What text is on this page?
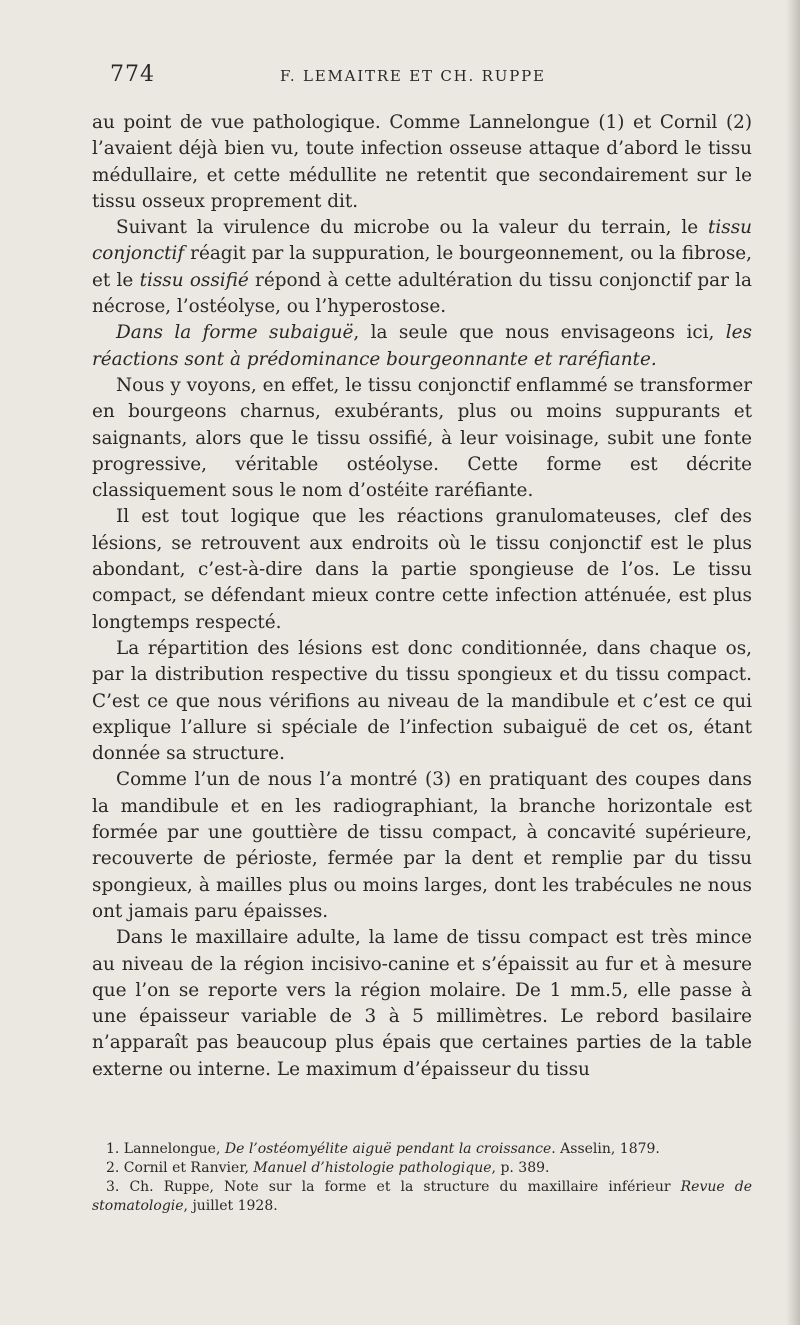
774	F. LEMAITRE ET CH. RUPPE

au point de vue pathologique. Comme Lannelongue (1) et Cornil (2) l’avaient déjà bien vu, toute infection osseuse attaque d’abord le tissu médullaire, et cette médullite ne retentit que secondairement sur le tissu osseux proprement dit.

Suivant la virulence du microbe ou la valeur du terrain, le tissu conjonctif réagit par la suppuration, le bourgeonnement, ou la fibrose, et le tissu ossifié répond à cette adultération du tissu conjonctif par la nécrose, l’ostéolyse, ou l’hyperostose.

Dans la forme subaiguë, la seule que nous envisageons ici, les réactions sont à prédominance bourgeonnante et raréfiante.

Nous y voyons, en effet, le tissu conjonctif enflammé se transformer en bourgeons charnus, exubérants, plus ou moins suppurants et saignants, alors que le tissu ossifié, à leur voisinage, subit une fonte progressive, véritable ostéolyse. Cette forme est décrite classiquement sous le nom d’ostéite raréfiante.

Il est tout logique que les réactions granulomateuses, clef des lésions, se retrouvent aux endroits où le tissu conjonctif est le plus abondant, c’est-à-dire dans la partie spongieuse de l’os. Le tissu compact, se défendant mieux contre cette infection atténuée, est plus longtemps respecté.

La répartition des lésions est donc conditionnée, dans chaque os, par la distribution respective du tissu spongieux et du tissu compact. C’est ce que nous vérifions au niveau de la mandibule et c’est ce qui explique l’allure si spéciale de l’infection subaiguë de cet os, étant donnée sa structure.

Comme l’un de nous l’a montré (3) en pratiquant des coupes dans la mandibule et en les radiographiant, la branche horizontale est formée par une gouttière de tissu compact, à concavité supérieure, recouverte de périoste, fermée par la dent et remplie par du tissu spongieux, à mailles plus ou moins larges, dont les trabécules ne nous ont jamais paru épaisses.

Dans le maxillaire adulte, la lame de tissu compact est très mince au niveau de la région incisivo-canine et s’épaissit au fur et à mesure que l’on se reporte vers la région molaire. De 1 mm.5, elle passe à une épaisseur variable de 3 à 5 millimètres. Le rebord basilaire n’apparaît pas beaucoup plus épais que certaines parties de la table externe ou interne. Le maximum d’épaisseur du tissu

1. Lannelongue, De l’ostéomyélite aiguë pendant la croissance. Asselin, 1879.

2. Cornil et Ranvier, Manuel d’histologie pathologique, p. 389.

3. Ch. Ruppe, Note sur la forme et la structure du maxillaire inférieur Revue de stomatologie, juillet 1928.
